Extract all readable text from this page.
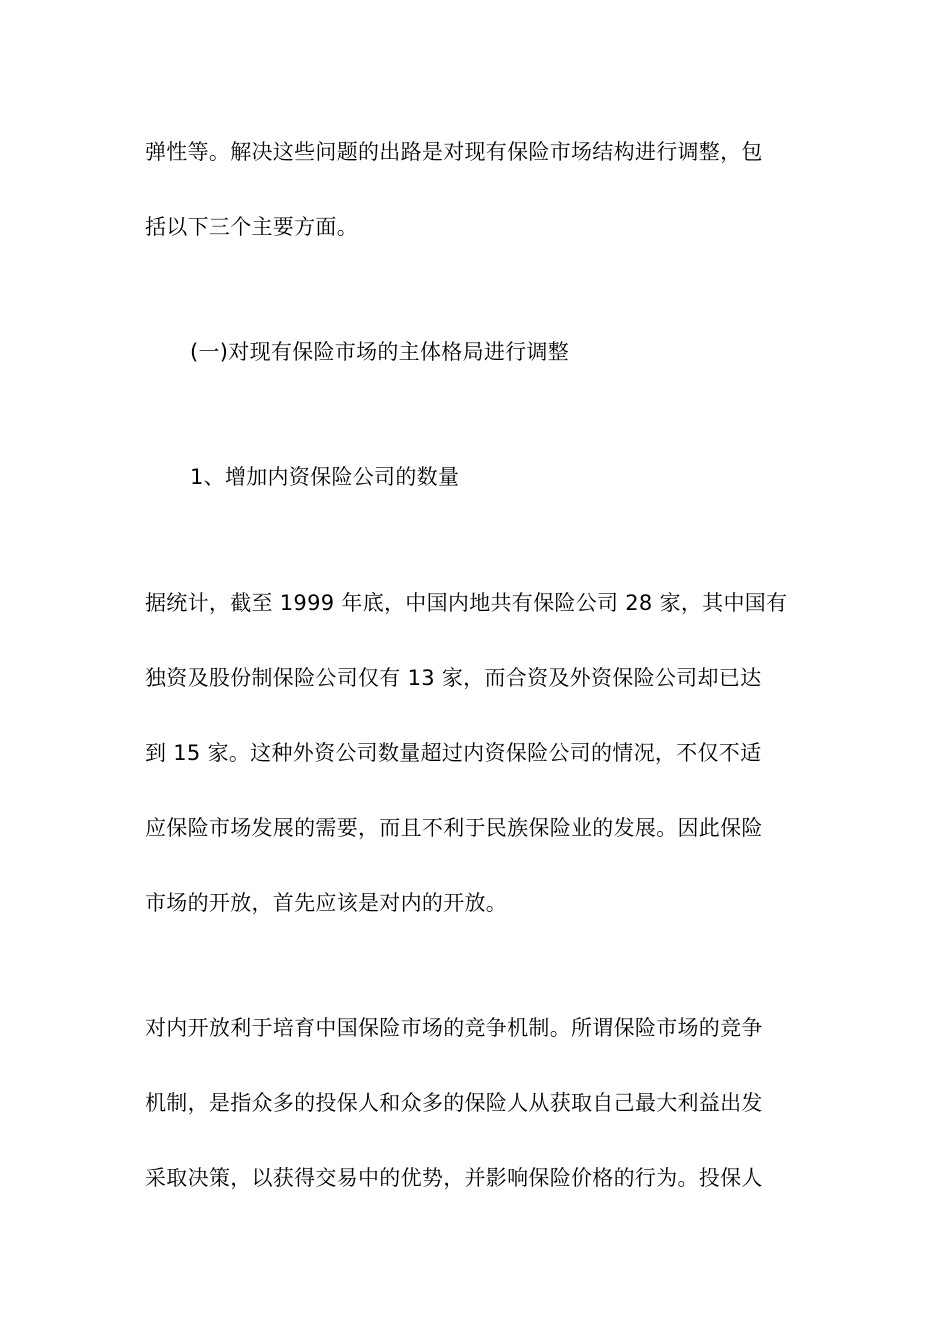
弹性等。解决这些问题的出路是对现有保险市场结构进行调整，包
括以下三个主要方面。
(一)对现有保险市场的主体格局进行调整
1、增加内资保险公司的数量
据统计，截至 1999 年底，中国内地共有保险公司 28 家，其中国有
独资及股份制保险公司仅有 13 家，而合资及外资保险公司却已达
到 15 家。这种外资公司数量超过内资保险公司的情况，不仅不适
应保险市场发展的需要，而且不利于民族保险业的发展。因此保险
市场的开放，首先应该是对内的开放。
对内开放利于培育中国保险市场的竞争机制。所谓保险市场的竞争
机制，是指众多的投保人和众多的保险人从获取自己最大利益出发
采取决策，以获得交易中的优势，并影响保险价格的行为。投保人
